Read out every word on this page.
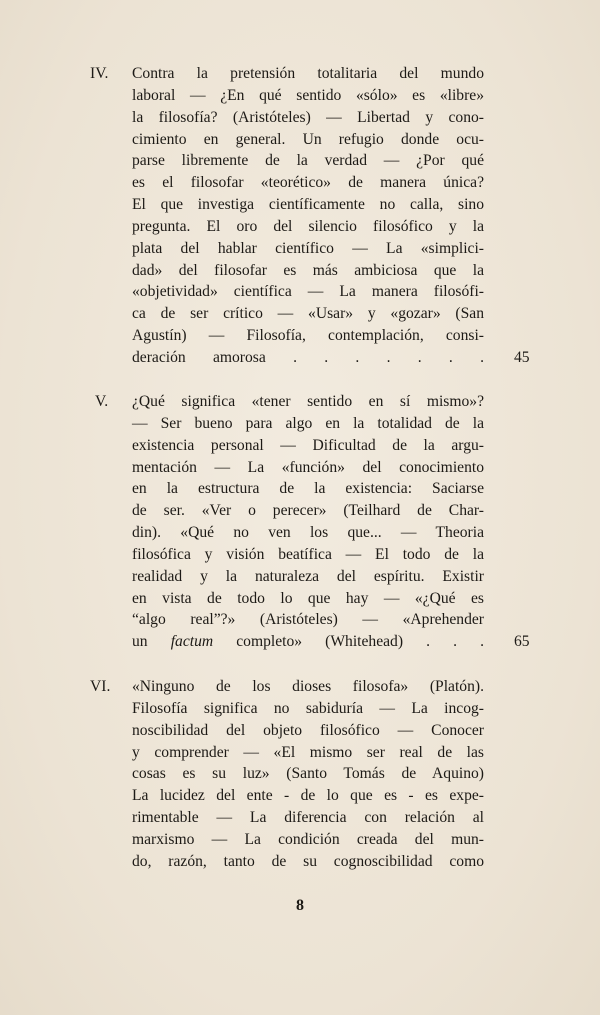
IV. Contra la pretensión totalitaria del mundo
laboral — ¿En qué sentido «sólo» es «libre»
la filosofía? (Aristóteles) — Libertad y cono-
cimiento en general. Un refugio donde ocu-
parse libremente de la verdad — ¿Por qué
es el filosofar «teorético» de manera única?
El que investiga científicamente no calla, sino
pregunta. El oro del silencio filosófico y la
plata del hablar científico — La «simplici-
dad» del filosofar es más ambiciosa que la
«objetividad» científica — La manera filosófi-
ca de ser crítico — «Usar» y «gozar» (San
Agustín) — Filosofía, contemplación, consi-
deración amorosa . . . . . . . 45
V. ¿Qué significa «tener sentido en sí mismo»?
— Ser bueno para algo en la totalidad de la
existencia personal — Dificultad de la argu-
mentación — La «función» del conocimiento
en la estructura de la existencia: Saciarse
de ser. «Ver o perecer» (Teilhard de Char-
din). «Qué no ven los que... — Theoria
filosófica y visión beatífica — El todo de la
realidad y la naturaleza del espíritu. Existir
en vista de todo lo que hay — «¿Qué es
“algo real”?» (Aristóteles) — «Aprehender
un factum completo» (Whitehead) . . . 65
VI. «Ninguno de los dioses filosofa» (Platón).
Filosofía significa no sabiduría — La incog-
noscibilidad del objeto filosófico — Conocer
y comprender — «El mismo ser real de las
cosas es su luz» (Santo Tomás de Aquino)
La lucidez del ente - de lo que es - es expe-
rimentable — La diferencia con relación al
marxismo — La condición creada del mun-
do, razón, tanto de su cognoscibilidad como
8
